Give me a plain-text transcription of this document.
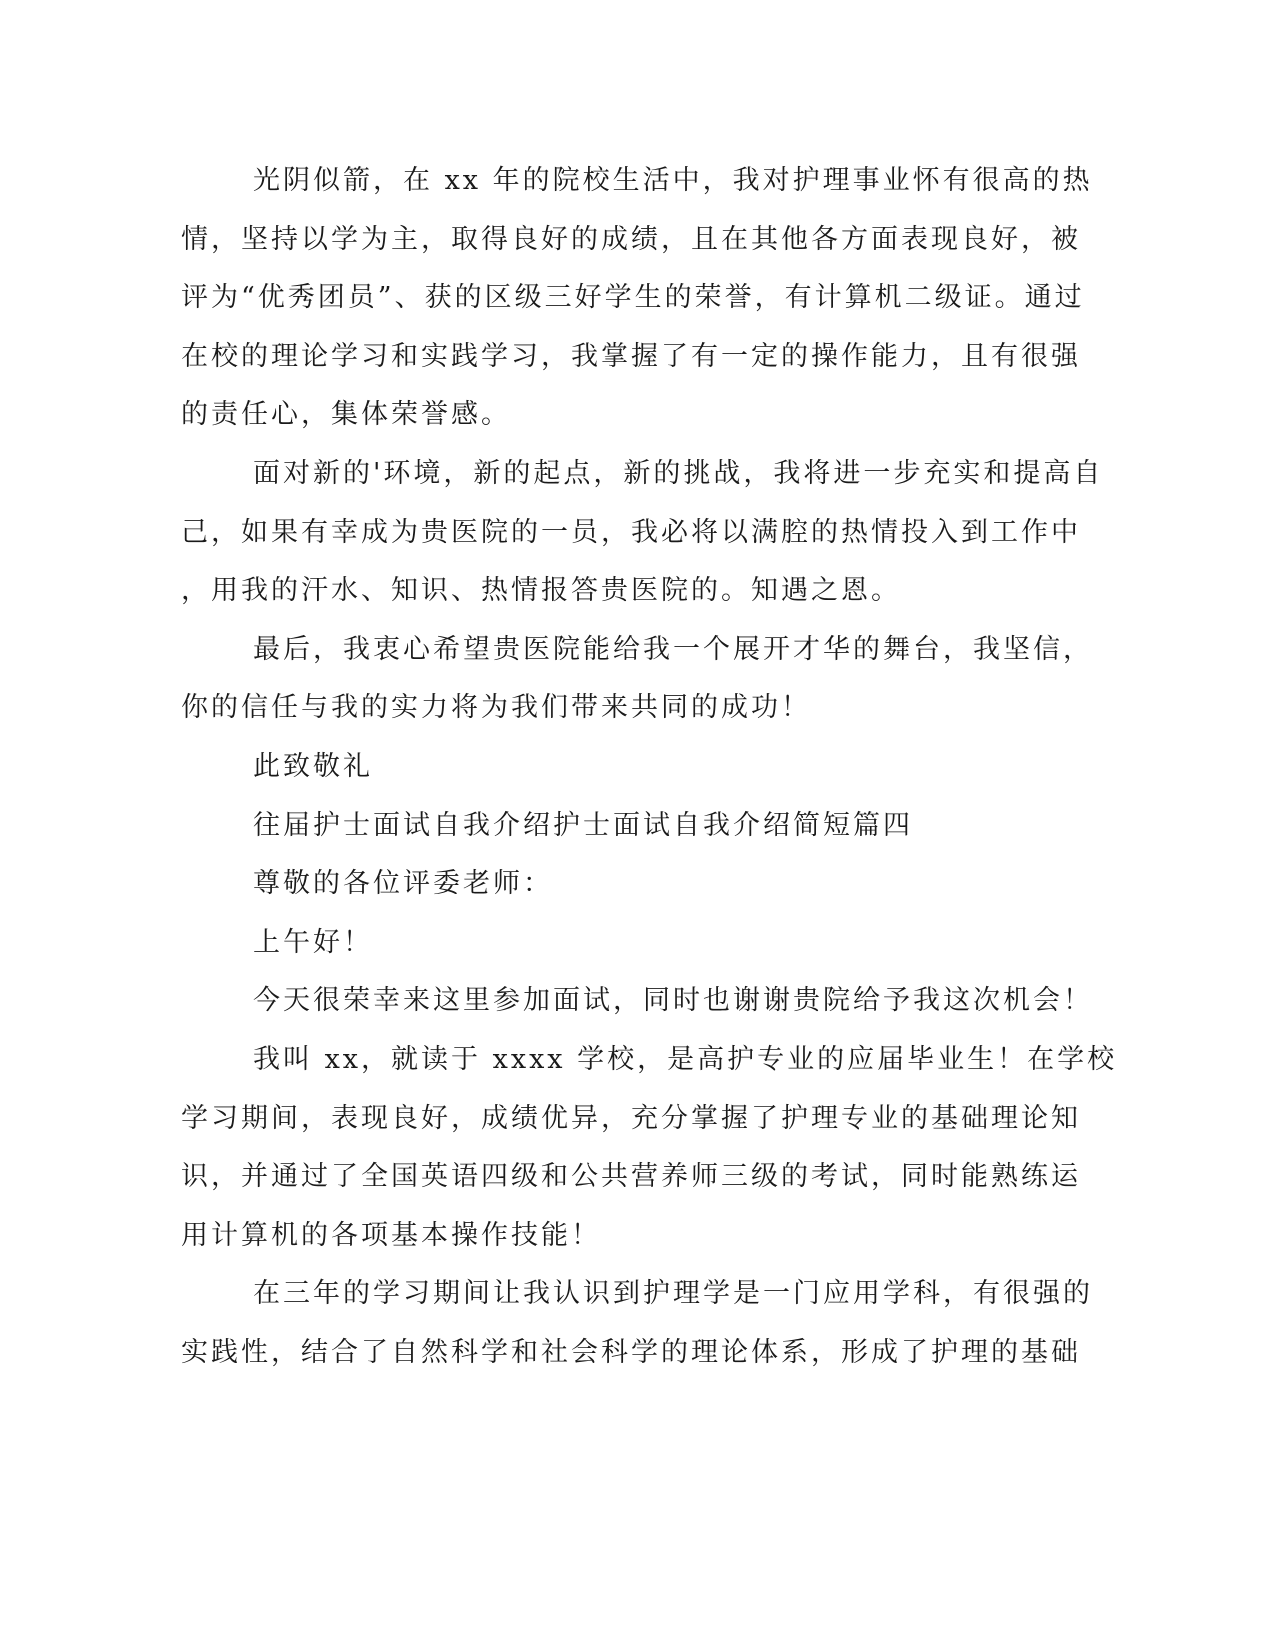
光阴似箭，在 xx 年的院校生活中，我对护理事业怀有很高的热
情，坚持以学为主，取得良好的成绩，且在其他各方面表现良好，被
评为“优秀团员”、获的区级三好学生的荣誉，有计算机二级证。通过
在校的理论学习和实践学习，我掌握了有一定的操作能力，且有很强
的责任心，集体荣誉感。
面对新的'环境，新的起点，新的挑战，我将进一步充实和提高自
己，如果有幸成为贵医院的一员，我必将以满腔的热情投入到工作中
，用我的汗水、知识、热情报答贵医院的。知遇之恩。
最后，我衷心希望贵医院能给我一个展开才华的舞台，我坚信，
你的信任与我的实力将为我们带来共同的成功！
此致敬礼
往届护士面试自我介绍护士面试自我介绍简短篇四
尊敬的各位评委老师：
上午好！
今天很荣幸来这里参加面试，同时也谢谢贵院给予我这次机会！
我叫 xx，就读于 xxxx 学校，是高护专业的应届毕业生！在学校
学习期间，表现良好，成绩优异，充分掌握了护理专业的基础理论知
识，并通过了全国英语四级和公共营养师三级的考试，同时能熟练运
用计算机的各项基本操作技能！
在三年的学习期间让我认识到护理学是一门应用学科，有很强的
实践性，结合了自然科学和社会科学的理论体系，形成了护理的基础
